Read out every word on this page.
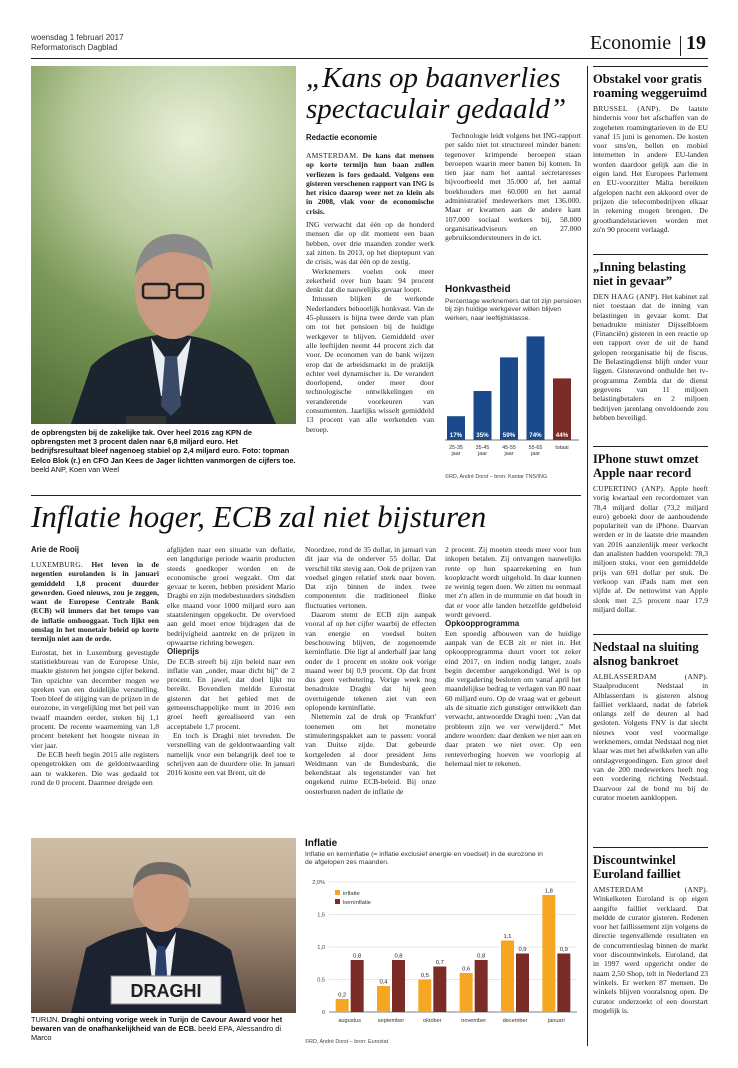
woensdag 1 februari 2017
Reformatorisch Dagblad	Economie 19
de opbrengsten bij de zakelijke tak. Over heel 2016 zag KPN de opbrengsten met 3 procent dalen naar 6,8 miljard euro. Het bedrijfsresultaat bleef nagenoeg stabiel op 2,4 miljard euro. Foto: topman Eelco Blok (r.) en CFO Jan Kees de Jager lichtten vanmorgen de cijfers toe. beeld ANP, Koen van Weel
„Kans op baanverlies spectaculair gedaald”
Redactie economie

AMSTERDAM. De kans dat mensen op korte termijn hun baan zullen verliezen is fors gedaald. Volgens een gisteren verschenen rapport van ING is het risico daarop weer net zo klein als in 2008, vlak voor de economische crisis.

ING verwacht dat één op de honderd mensen die op dit moment een baan hebben, over drie maanden zonder werk zal zitten. In 2013, op het dieptepunt van de crisis, was dat één op de zestig.

Werknemers voelen ook meer zekerheid over hun baan: 94 procent denkt dat die nauwelijks gevaar loopt.

Intussen blijken de werkende Nederlanders behoorlijk honkvast. Van de 45-plussers is bijna twee derde van plan om tot het pensioen bij de huidige werkgever te blijven. Gemiddeld over alle leeftijden neemt 44 procent zich dat voor. De economen van de bank wijzen erop dat de arbeidsmarkt in de praktijk echter veel dynamischer is. De verandert doorlopend, onder meer door technologische ontwikkelingen en veranderende voorkeuren van consumenten. Jaarlijks wisselt gemiddeld 13 procent van alle werkenden van beroep.

Technologie leidt volgens het ING-rapport per saldo niet tot structureel minder banen: tegenover krimpende beroepen staan beroepen waarin meer banen bij komen. In tien jaar nam het aantal secretaresses bijvoorbeeld met 35.000 af, het aantal boekhouders met 60.000 en het aantal administratief medewerkers met 136.000. Maar er kwamen aan de andere kant 107.000 sociaal werkers bij, 58.000 organisatieadviseurs en 27.000 gebruiksondersteuners in de ict.

Honkvastheid
Percentage werknemers dat tot zijn pensioen bij zijn huidige werkgever willen blijven werken, naar leeftijdsklasse.
17%
25-35
jaar
35%
35-45
jaar
59%
45-55
jaar
74%
55-65
jaar
44%
totaal
©RD, André Dorst – bron: Kantar TNS/ING
Obstakel voor gratis roaming weggeruimd

BRUSSEL (ANP). De laatste hindernis voor het afschaffen van de zogeheten roamingtarieven in de EU vanaf 15 juni is genomen. De kosten voor sms'en, bellen en mobiel internetten in andere EU-landen worden daardoor gelijk aan die in eigen land. Het Europees Parlement en EU-voorzitter Malta bereikten afgelopen nacht een akkoord over de prijzen die telecombedrijven elkaar in rekening mogen brengen. De groothandelstarieven worden met zo'n 90 procent verlaagd.

„Inning belasting niet in gevaar”

DEN HAAG (ANP). Het kabinet zal niet toestaan dat de inning van belastingen in gevaar komt. Dat benadrukte minister Dijsselbloem (Financiën) gisteren in een reactie op een rapport over de uit de hand gelopen reorganisatie bij de fiscus. De Belastingdienst blijft onder vuur liggen. Gisteravond onthulde het tv-programma Zembla dat de dienst gegevens van 11 miljoen belastingbetalers en 2 miljoen bedrijven jarenlang onvoldoende zou hebben beveiligd.

IPhone stuwt omzet Apple naar record

CUPERTINO (ANP). Apple heeft vorig kwartaal een recordomzet van 78,4 miljard dollar (73,2 miljard euro) geboekt door de aanhoudende populariteit van de iPhone. Daarvan werden er in de laatste drie maanden van 2016 aanzienlijk meer verkocht dan analisten hadden voorspeld: 78,3 miljoen stuks, voor een gemiddelde prijs van 691 dollar per stuk. De verkoop van iPads nam met een vijfde af. De nettowinst van Apple slonk met 2,5 procent naar 17,9 miljard dollar.

Nedstaal na sluiting alsnog bankroet

ALBLASSERDAM (ANP). Staalproducent Nedstaal in Alblasserdam is gisteren alsnog failliet verklaard, nadat de fabriek onlangs zelf de deuren al had gesloten. Volgens FNV is dat slecht nieuws voor veel voormalige werknemers, omdat Nedstaal nog niet klaar was met het afwikkelen van alle ontslagvergoedingen. Een groot deel van de 200 medewerkers heeft nog een vordering richting Nedstaal. Daarvoor zal de bond nu bij de curator moeten aankloppen.

Discountwinkel Euroland failliet

AMSTERDAM (ANP). Winkelketen Euroland is op eigen aangifte failliet verklaard. Dat meldde de curator gisteren. Redenen voor het faillissement zijn volgens de directie tegenvallende resultaten en de concurrentieslag binnen de markt voor discountwinkels. Euroland, dat in 1997 werd opgericht onder de naam 2,50 Shop, telt in Nederland 23 winkels. Er werken 87 mensen. De winkels blijven vooralsnog open. De curator onderzoekt of een doorstart mogelijk is.

Inflatie hoger, ECB zal niet bijsturen
Arie de Rooij

LUXEMBURG. Het leven in de negentien eurolanden is in januari gemiddeld 1,8 procent duurder geworden. Goed nieuws, zou je zeggen, want de Europese Centrale Bank (ECB) wil immers dat het tempo van de inflatie omhooggaat. Toch lijkt een omslag in het monetair beleid op korte termijn niet aan de orde.

Eurostat, het in Luxemburg gevestigde statistiekbureau van de Europese Unie, maakte gisteren het jongste cijfer bekend. Ten opzichte van december mogen we spreken van een duidelijke versnelling. Toen bleef de stijging van de prijzen in de eurozone, in vergelijking met het peil van twaalf maanden eerder, steken bij 1,1 procent. De recente waarneming van 1,8 procent betekent het hoogste niveau in vier jaar.

De ECB heeft begin 2015 alle registers opengetrokken om de geldontwaarding aan te wakkeren. Die was gedaald tot rond de 0 procent. Daarmee dreigde een

afglijden naar een situatie van deflatie, een langdurige periode waarin producten steeds goedkoper worden en de economische groei wegzakt. Om dat gevaar te keren, hebben president Mario Draghi en zijn medebestuurders sindsdien elke maand voor 1000 miljard euro aan staatsleningen opgekocht. De overvloed aan geld moet ertoe bijdragen dat de bedrijvigheid aantrekt en de prijzen in opwaartse richting bewegen.

Olieprijs

De ECB streeft bij zijn beleid naar een inflatie van „onder, maar dicht bij” de 2 procent. En jawel, dat doel lijkt nu bereikt. Bovendien meldde Eurostat gisteren dat het gebied met de gemeenschappelijke munt in 2016 een groei heeft gerealiseerd van een acceptabele 1,7 procent.

En toch is Draghi niet tevreden. De versnelling van de geldontwaarding valt namelijk voor een belangrijk deel toe te schrijven aan de duurdere olie. In januari 2016 kostte een vat Brent, uit de

Noordzee, rond de 35 dollar, in januari van dit jaar via de onderver 55 dollar. Dat verschil tikt stevig aan. Ook de prijzen van voedsel gingen relatief sterk naar boven. Dat zijn binnen de index twee componenten die traditioneel flinke fluctuaties vertonen.

Daarom stemt de ECB zijn aanpak vooral af op het cijfer waarbij de effecten van energie en voedsel buiten beschouwing blijven, de zogenoemde kerninflatie. Die ligt al anderhalf jaar lang onder de 1 procent en stokte ook vorige maand weer bij 0,9 procent. Op dat front dus geen verbetering. Vorige week nog benadrukte Draghi dat hij geen overtuigende tekenen ziet van een oplopende kerninflatie.

Niettemin zal de druk op 'Frankfurt' toenemen om het monetaire stimuleringspakket aan te passen: vooral van Duitse zijde. Dat gebeurde kortgeleden al door president Jens Weidmann van de Bundesbank, die bekendstaat als tegenstander van het ongekend ruime ECB-beleid. Bij onze oosterburen nadert de inflatie de

2 procent. Zij moeten steeds meer voor hun inkopen betalen. Zij ontvangen nauwelijks rente op hun spaarrekening en hun koopkracht wordt uitgehold. In daar kunnen ze weinig tegen doen. We zitten nu eenmaal met z'n allen in de muntunie en dat houdt in dat er voor alle landen hetzelfde geldbeleid wordt gevoerd.

Opkoopprogramma

Een spoedig afbouwen van de huidige aanpak van de ECB zit er niet in. Het opkoopprogramma duurt voort tot zeker eind 2017, en indien nodig langer, zoals begin december aangekondigd. Wel is op die vergadering besloten om vanaf april het maandelijkse bedrag te verlagen van 80 naar 60 miljard euro. Op de vraag wat er gebeurt als de situatie zich gunstiger ontwikkelt dan verwacht, antwoordde Draghi toen: „Van dat probleem zijn we ver verwijderd.” Met andere woorden: daar denken we niet aan en daar praten we niet over. Op een renteverhoging hoeven we voorlopig al helemaal niet te rekenen.

DRAGHI
TURIJN. Draghi ontving vorige week in Turijn de Cavour Award voor het bewaren van de onafhankelijkheid van de ECB. beeld EPA, Alessandro di Marco
Inflatie
Inflatie en kerninflatie (= inflatie exclusief energie en voedsel) in de eurozone in de afgelopen zes maanden.
0
0,5
1,0
1,5
2,0%
inflatie
kerninflatie
0,2
0,8
augustus
0,4
0,8
september
0,5
0,7
oktober
0,6
0,8
november
1,1
0,9
december
1,8
0,9
januari
©RD, André Dorst – bron: Eurostat
